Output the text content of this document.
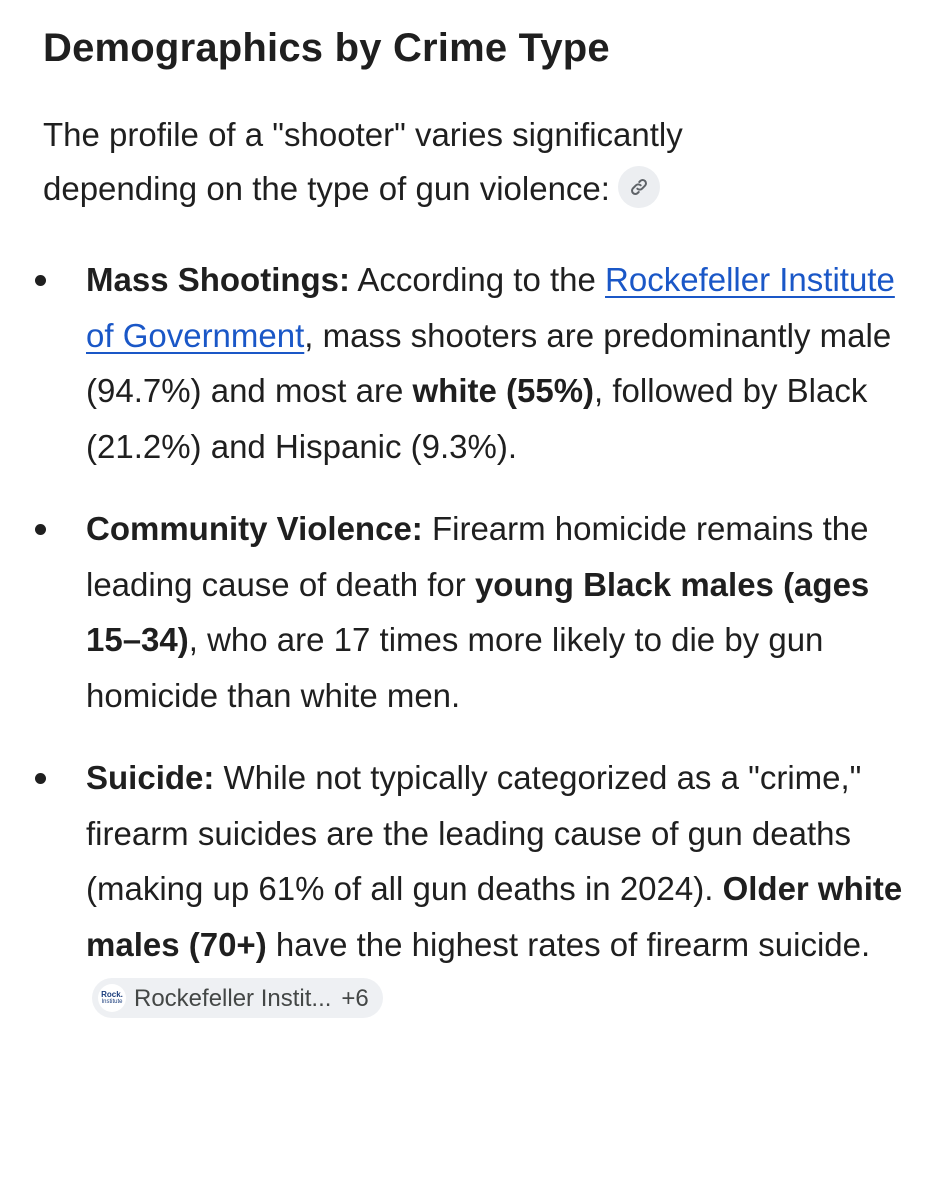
Demographics by Crime Type
The profile of a "shooter" varies significantly depending on the type of gun violence:
Mass Shootings: According to the Rockefeller Institute of Government, mass shooters are predominantly male (94.7%) and most are white (55%), followed by Black (21.2%) and Hispanic (9.3%).
Community Violence: Firearm homicide remains the leading cause of death for young Black males (ages 15–34), who are 17 times more likely to die by gun homicide than white men.
Suicide: While not typically categorized as a "crime," firearm suicides are the leading cause of gun deaths (making up 61% of all gun deaths in 2024). Older white males (70+) have the highest rates of firearm suicide.
Rock.
Institute Rockefeller Instit... +6
